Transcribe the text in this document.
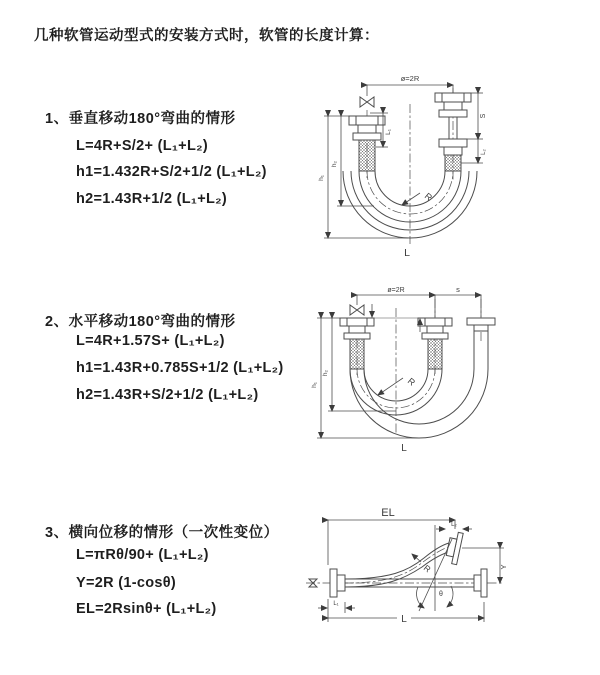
几种软管运动型式的安装方式时，软管的长度计算：
1、垂直移动180°弯曲的情形
L=4R+S/2+ (L₁+L₂)
h1=1.432R+S/2+1/2 (L₁+L₂)
h2=1.43R+1/2 (L₁+L₂)
2、水平移动180°弯曲的情形
L=4R+1.57S+ (L₁+L₂)
h1=1.43R+0.785S+1/2 (L₁+L₂)
h2=1.43R+S/2+1/2 (L₁+L₂)
3、横向位移的情形（一次性变位）
L=πRθ/90+ (L₁+L₂)
Y=2R (1-cosθ)
EL=2Rsinθ+ (L₁+L₂)
ø=2R
L₁
S
L₂
h₁
h₂
R
L
ø=2R	s
h₁
h₂
R
L
EL
L₂
Y
R
θ
L
L₁
